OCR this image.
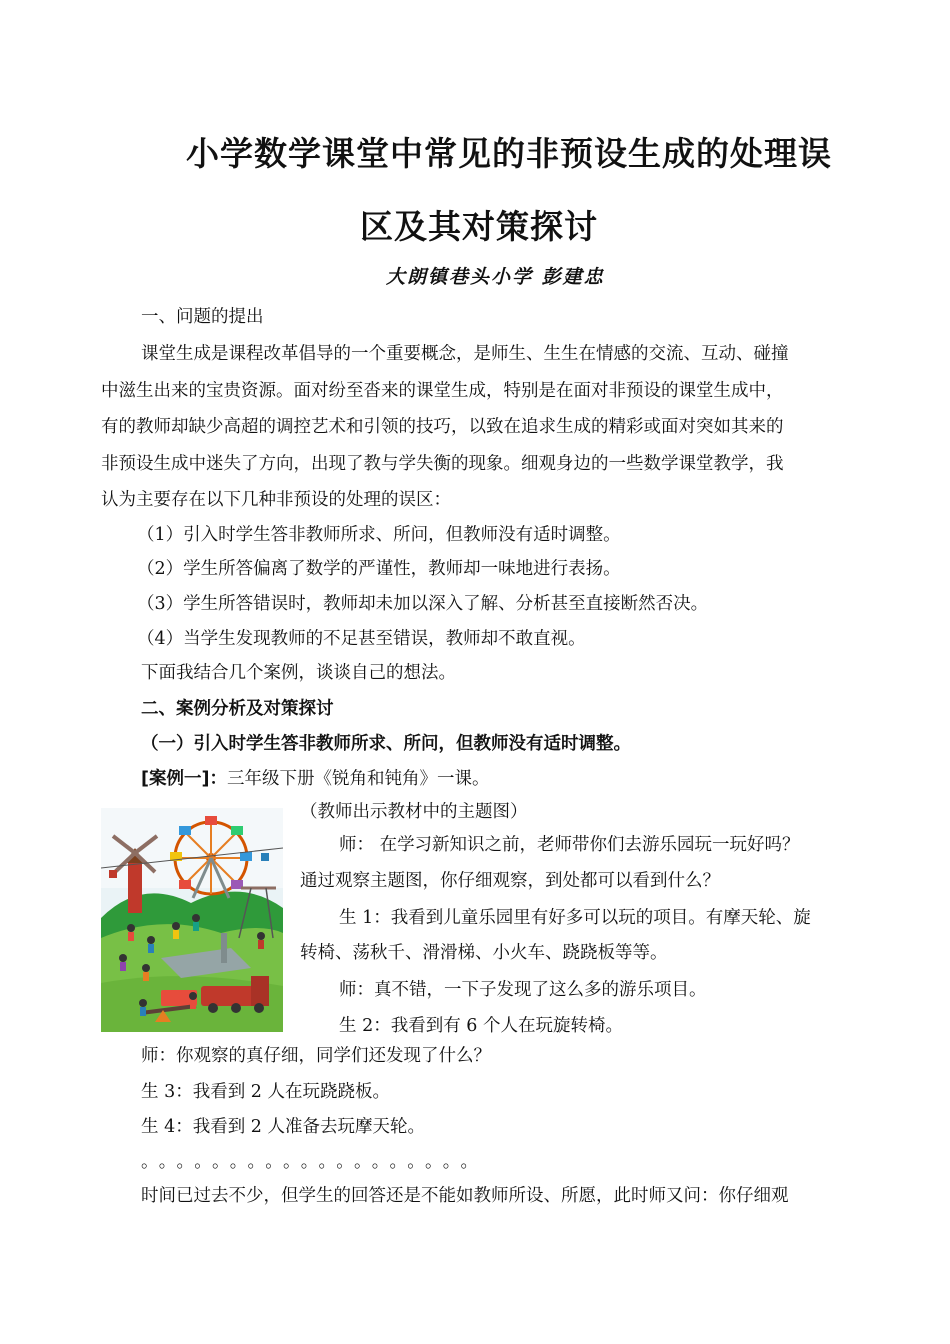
小学数学课堂中常见的非预设生成的处理误
区及其对策探讨
大朗镇巷头小学 彭建忠
一、问题的提出
课堂生成是课程改革倡导的一个重要概念，是师生、生生在情感的交流、互动、碰撞
中滋生出来的宝贵资源。面对纷至沓来的课堂生成，特别是在面对非预设的课堂生成中，
有的教师却缺少高超的调控艺术和引领的技巧，以致在追求生成的精彩或面对突如其来的
非预设生成中迷失了方向，出现了教与学失衡的现象。细观身边的一些数学课堂教学，我
认为主要存在以下几种非预设的处理的误区：
（1）引入时学生答非教师所求、所问，但教师没有适时调整。
（2）学生所答偏离了数学的严谨性，教师却一味地进行表扬。
（3）学生所答错误时，教师却未加以深入了解、分析甚至直接断然否决。
（4）当学生发现教师的不足甚至错误，教师却不敢直视。
下面我结合几个案例，谈谈自己的想法。
二、案例分析及对策探讨
（一）引入时学生答非教师所求、所问，但教师没有适时调整。
[案例一]：三年级下册《锐角和钝角》一课。
（教师出示教材中的主题图）
师： 在学习新知识之前，老师带你们去游乐园玩一玩好吗？
通过观察主题图，你仔细观察，到处都可以看到什么？
生 1：我看到儿童乐园里有好多可以玩的项目。有摩天轮、旋
转椅、荡秋千、滑滑梯、小火车、跷跷板等等。
师：真不错，一下子发现了这么多的游乐项目。
生 2：我看到有 6 个人在玩旋转椅。
师：你观察的真仔细，同学们还发现了什么？
生 3：我看到 2 人在玩跷跷板。
生 4：我看到 2 人准备去玩摩天轮。
。。。。。。。。。。。。。。。。。。。
时间已过去不少，但学生的回答还是不能如教师所设、所愿，此时师又问：你仔细观
